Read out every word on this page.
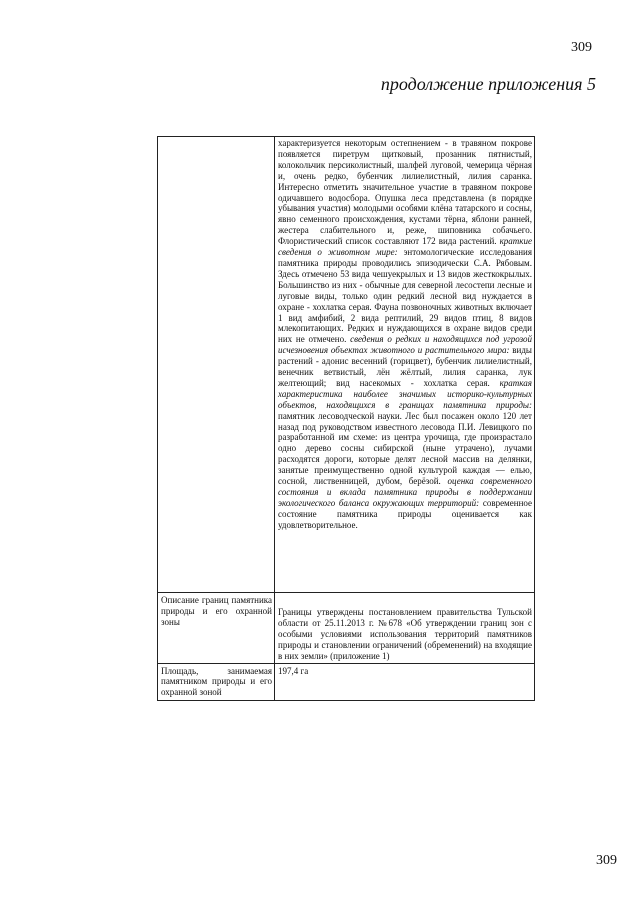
309
продолжение приложения 5
	характеризуется некоторым остепнением - в травяном покрове появляется пиретрум щитковый, прозанник пятнистый, колокольчик персиколистный, шалфей луговой, чемерица чёрная и, очень редко, бубенчик лилиелистный, лилия саранка. Интересно отметить значительное участие в травяном покрове одичавшего водосбора. Опушка леса представлена (в порядке убывания участия) молодыми особями клёна татарского и сосны, явно семенного происхождения, кустами тёрна, яблони ранней, жестера слабительного и, реже, шиповника собачьего. Флористический список составляют 172 вида растений. краткие сведения о животном мире: энтомологические исследования памятника природы проводились эпизодически С.А. Рябовым. Здесь отмечено 53 вида чешуекрылых и 13 видов жесткокрылых. Большинство из них - обычные для северной лесостепи лесные и луговые виды, только один редкий лесной вид нуждается в охране - хохлатка серая. Фауна позвоночных животных включает 1 вид амфибий, 2 вида рептилий, 29 видов птиц, 8 видов млекопитающих. Редких и нуждающихся в охране видов среди них не отмечено. сведения о редких и находящихся под угрозой исчезновения объектах животного и растительного мира: виды растений - адонис весенний (горицвет), бубенчик лилиелистный, венечник ветвистый, лён жёлтый, лилия саранка, лук желтеющий; вид насекомых - хохлатка серая. краткая характеристика наиболее значимых историко-культурных объектов, находящихся в границах памятника природы: памятник лесоводческой науки. Лес был посажен около 120 лет назад под руководством известного лесовода П.И. Левицкого по разработанной им схеме: из центра урочища, где произрастало одно дерево сосны сибирской (ныне утрачено), лучами расходятся дороги, которые делят лесной массив на делянки, занятые преимущественно одной культурой каждая — елью, сосной, лиственницей, дубом, берёзой. оценка современного состояния и вклада памятника природы в поддержании экологического баланса окружающих территорий: современное состояние памятника природы оценивается как удовлетворительное.
Описание границ памятника природы и его охранной зоны	Границы утверждены постановлением правительства Тульской области от 25.11.2013 г. №678 «Об утверждении границ зон с особыми условиями использования территорий памятников природы и становлении ограничений (обременений) на входящие в них земли» (приложение 1)
Площадь, занимаемая памятником природы и его охранной зоной	197,4 га
309
